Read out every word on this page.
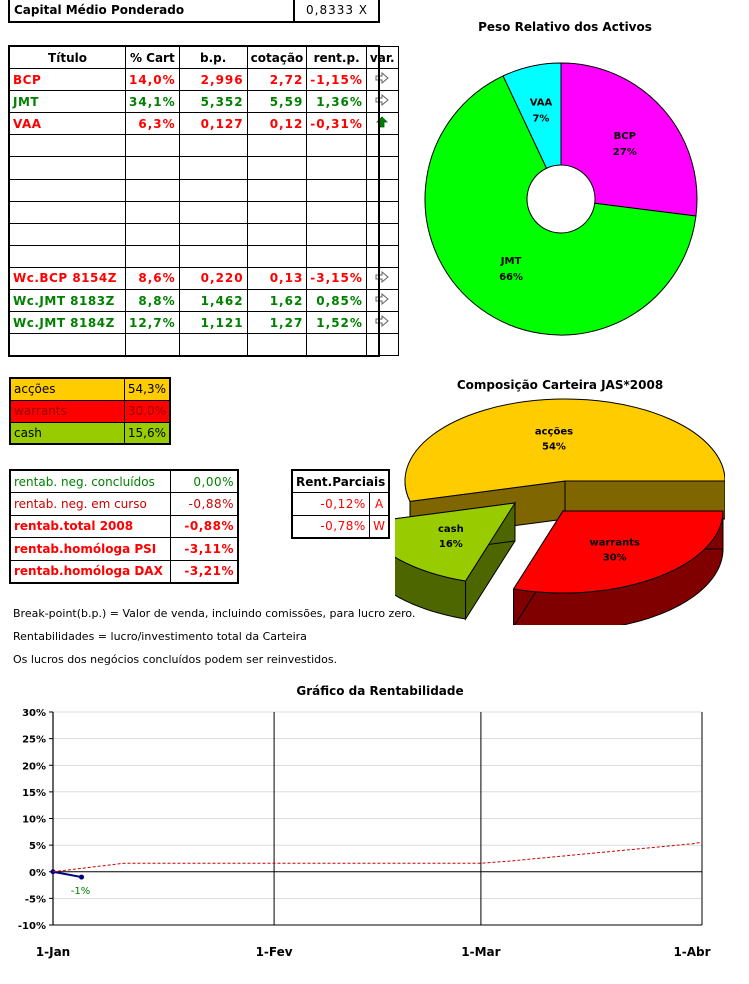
Capital Médio Ponderado	0,8333 X
Título	% Cart	b.p.	cotação	rent.p.	var.
BCP	14,0%	2,996	2,72	-1,15%	
JMT	34,1%	5,352	5,59	1,36%	
VAA	6,3%	0,127	0,12	-0,31%	

Wc.BCP 8154Z	8,6%	0,220	0,13	-3,15%	
Wc.JMT 8183Z	8,8%	1,462	1,62	0,85%	
Wc.JMT 8184Z	12,7%	1,121	1,27	1,52%	

acções	54,3%
warrants	30,0%
cash	15,6%
rentab. neg. concluídos	0,00%
rentab. neg. em curso	-0,88%
rentab.total 2008	-0,88%
rentab.homóloga PSI	-3,11%
rentab.homóloga DAX	-3,21%
Rent.Parciais	
-0,12%	A
-0,78%	W
Break-point(b.p.) = Valor de venda, incluindo comissões, para lucro zero.
Rentabilidades = lucro/investimento total da Carteira
Os lucros dos negócios concluídos podem ser reinvestidos.
Peso Relativo dos Activos
BCP
27%
JMT
66%
VAA
7%
Composição Carteira JAS*2008
acções
54%
warrants
30%
cash
16%
Gráfico da Rentabilidade
30%
25%
20%
15%
10%
5%
0%
-5%
-10%
1-Jan	1-Fev	1-Mar	1-Abr
-1%
